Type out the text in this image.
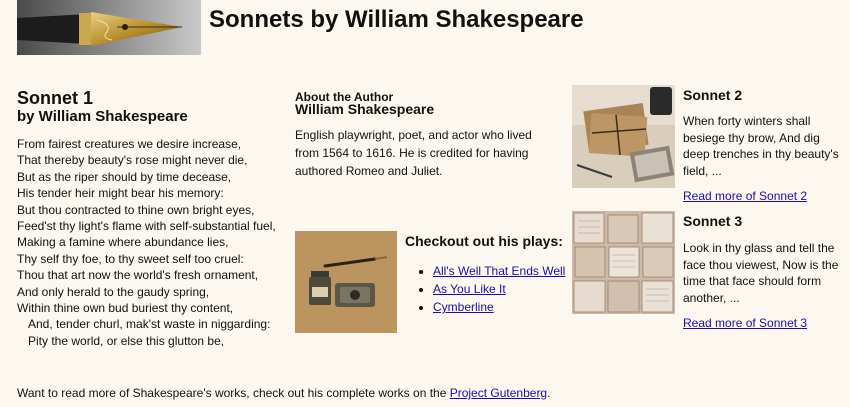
Sonnets by William Shakespeare
Sonnet 1
by William Shakespeare

From fairest creatures we desire increase,
That thereby beauty's rose might never die,
But as the riper should by time decease,
His tender heir might bear his memory:
But thou contracted to thine own bright eyes,
Feed'st thy light's flame with self-substantial fuel,
Making a famine where abundance lies,
Thy self thy foe, to thy sweet self too cruel:
Thou that art now the world's fresh ornament,
And only herald to the gaudy spring,
Within thine own bud buriest thy content,
And, tender churl, mak'st waste in niggarding:
Pity the world, or else this glutton be,

About the Author
William Shakespeare

English playwright, poet, and actor who lived from 1564 to 1616. He is credited for having authored Romeo and Juliet.

Checkout out his plays:
• All's Well That Ends Well
• As You Like It
• Cymberline
Sonnet 2

When forty winters shall besiege thy brow, And dig deep trenches in thy beauty's field, ...

Read more of Sonnet 2
Sonnet 3

Look in thy glass and tell the face thou viewest, Now is the time that face should form another, ...

Read more of Sonnet 3

Want to read more of Shakespeare's works, check out his complete works on the Project Gutenberg.
